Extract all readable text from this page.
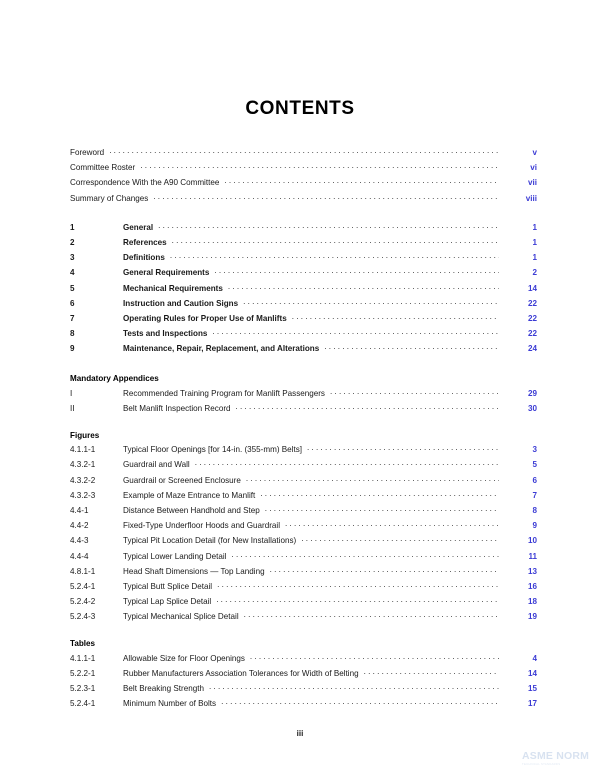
CONTENTS
Foreword . . .	v
Committee Roster . . .	vi
Correspondence With the A90 Committee . . .	vii
Summary of Changes . . .	viii
1	General . . .	1
2	References . . .	1
3	Definitions . . .	1
4	General Requirements . . .	2
5	Mechanical Requirements . . .	14
6	Instruction and Caution Signs . . .	22
7	Operating Rules for Proper Use of Manlifts . . .	22
8	Tests and Inspections . . .	22
9	Maintenance, Repair, Replacement, and Alterations . . .	24
Mandatory Appendices
I	Recommended Training Program for Manlift Passengers . . .	29
II	Belt Manlift Inspection Record . . .	30
Figures
4.1.1-1	Typical Floor Openings [for 14-in. (355-mm) Belts] . . .	3
4.3.2-1	Guardrail and Wall . . .	5
4.3.2-2	Guardrail or Screened Enclosure . . .	6
4.3.2-3	Example of Maze Entrance to Manlift . . .	7
4.4-1	Distance Between Handhold and Step . . .	8
4.4-2	Fixed-Type Underfloor Hoods and Guardrail . . .	9
4.4-3	Typical Pit Location Detail (for New Installations) . . .	10
4.4-4	Typical Lower Landing Detail . . .	11
4.8.1-1	Head Shaft Dimensions — Top Landing . . .	13
5.2.4-1	Typical Butt Splice Detail . . .	16
5.2.4-2	Typical Lap Splice Detail . . .	18
5.2.4-3	Typical Mechanical Splice Detail . . .	19
Tables
4.1.1-1	Allowable Size for Floor Openings . . .	4
5.2.2-1	Rubber Manufacturers Association Tolerances for Width of Belting . . .	14
5.2.3-1	Belt Breaking Strength . . .	15
5.2.4-1	Minimum Number of Bolts . . .	17
iii
ASME NORM
TECHNICAL STANDARDS
